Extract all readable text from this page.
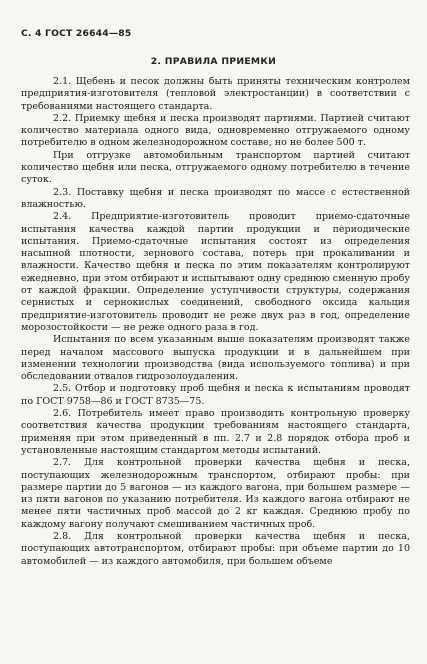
С. 4 ГОСТ 26644—85
2. ПРАВИЛА ПРИЕМКИ

2.1. Щебень и песок должны быть приняты техническим контролем предприятия-изготовителя (тепловой электростанции) в соответствии с требованиями настоящего стандарта.

2.2. Приемку щебня и песка производят партиями. Партией считают количество материала одного вида, одновременно отгружаемого одному потребителю в одном железнодорожном составе, но не более 500 т.

При отгрузке автомобильным транспортом партией считают количество щебня или песка, отгружаемого одному потребителю в течение суток.

2.3. Поставку щебня и песка производят по массе с естественной влажностью.

2.4. Предприятие-изготовитель проводит приемо-сдаточные испытания качества каждой партии продукции и периодические испытания. Приемо-сдаточные испытания состоят из определения насыпной плотности, зернового состава, потерь при прокаливании и влажности. Качество щебня и песка по этим показателям контролируют ежедневно, при этом отбирают и испытывают одну среднюю сменную пробу от каждой фракции. Определение уступчивости структуры, содержания сернистых и сернокислых соединений, свободного оксида кальция предприятие-изготовитель проводит не реже двух раз в год, определение морозостойкости — не реже одного раза в год.

Испытания по всем указанным выше показателям производят также перед началом массового выпуска продукции и в дальнейшем при изменении технологии производства (вида используемого топлива) и при обследовании отвалов гидрозолоудаления.

2.5. Отбор и подготовку проб щебня и песка к испытаниям проводят по ГОСТ 9758—86 и ГОСТ 8735—75.

2.6. Потребитель имеет право производить контрольную проверку соответствия качества продукции требованиям настоящего стандарта, применяя при этом приведенный в пп. 2.7 и 2.8 порядок отбора проб и установленные настоящим стандартом методы испытаний.

2.7. Для контрольной проверки качества щебня и песка, поступающих железнодорожным транспортом, отбирают пробы: при размере партии до 5 вагонов — из каждого вагона, при большем размере — из пяти вагонов по указанию потребителя. Из каждого вагона отбирают не менее пяти частичных проб массой до 2 кг каждая. Среднюю пробу по каждому вагону получают смешиванием частичных проб.

2.8. Для контрольной проверки качества щебня и песка, поступающих автотранспортом, отбирают пробы: при объеме партии до 10 автомобилей — из каждого автомобиля, при большем объеме
